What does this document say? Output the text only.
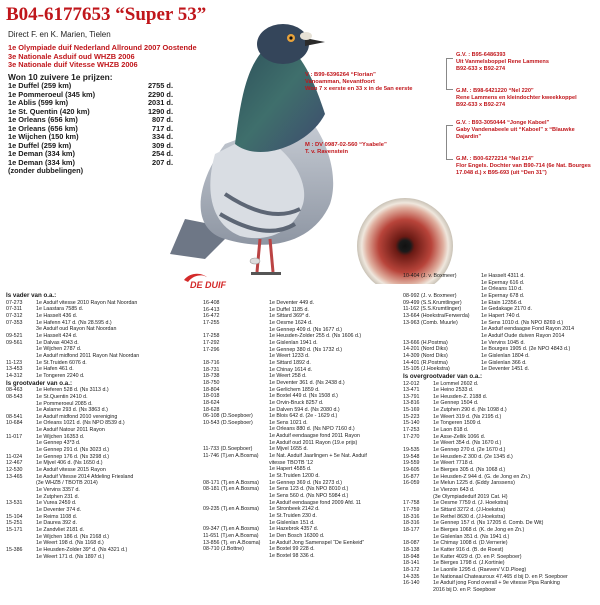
B04-6177653 “Super 53”
Direct F. en K. Marien, Tielen
1e Olympiade duif Nederland Allround 2007 Oostende
3e Nationale Asduif oud WHZB 2006
3e Nationale duif Vitesse WHZB 2006
Won 10 zuivere 1e prijzen:
1e Duffel (259 km)	2755 d.
1e Pommeroeul (345 km)	2290 d.
1e Ablis (599 km)	2031 d.
1e St. Quentin (420 km)	1290 d.
1e Orleans (656 km)	807 d.
1e Orleans (656 km)	717 d.
1e Wijchen (150 km)	334 d.
1e Duffel (259 km)	309 d.
1e Deman (334 km)	254 d.
1e Deman (334 km)	207 d.
(zonder dubbelingen)
DE DUIF
V : B99-6396264 “Florian”
Vanoamman, Nevantfoort
Won 7 x eerste en 33 x in de 5an eerste
M : DV 0987-02-560 “Ysabele”
T. v. Ravenstein
G.V. : B95-6486393
Uit Vanmelsboppel Rene Lammens
B92-633 x B92-274
G.M. : B98-6421220 “Nel 220”
Rene Lammens en kleindochter kweekkoppel
B92-633 x B92-274
G.V. : B93-3050444 “Jonge Kaboel”
Gaby Vandenabeele uit “Kaboel” x “Blauwke
Dajardin”
G.M. : B00-6272214 “Nel 214”
Flor Engels. Dochter van B90-714 (6e Nat. Bourges
17.048 d.) x B95-693 (uit “Den 31”)
Is vader van o.a.:
07-273	1e Asduif vitesse 2010 Rayon Nat Noordan
07-311	1e Laastara 7585 d.
07-312	1e Hasselt 436 d.
07-353	1e Hafenn 417 d. (Ns 28.595 d.)
3e Asduif oud Rayon Nat Noordan
09-521	1e Hasselt 424 d.
09-561	1e Dalvas 4043 d.
1e Wijchen 2787 d.
1e Asduif midfond 2011 Rayon Nat Noordan
11-123	1e St.Truiden 6076 d.
13-453	1e Hafen 461 d.
14-312	1e Tongeren 2240 d.
Is grootvader van o.a.:
08-463	1e Heferen 528 d. (Ns 3113 d.)
08-543	1e St.Quentin 2410 d.
1e Pommeroeul 2085 d.
1e Aslarne 293 d. (Ns 3863 d.)
08-541	1e Asduif midfond 2010 vereniging
10-684	1e Orleans 1021 d. (Ns NPO 8539 d.)
1e Asduif Natour 2011 Rayon
11-017	1e Wijchen 16353 d.
1e Gennep 43*3 d.
1e Gennep 291 d. (Ns 3023 d.)
11-024	1e Gennep 176 d. (Ns 3298 d.)
12-467	1e Mjvel 406 d. (Ns 1650 d.)
12-530	1e Asduif vitesse 2015 Rayon
13-465	1e Asduif Vitesse 2014 Afdeling Friesland
(3e WHZB / TBOTB 2014)
1e Vervins 3357 d.
1e Zutphen 231 d.
13-531	1e Vurea 2459 d.
1e Deventer 374 d.
15-104	1e Reims 1108 d.
15-251	1e Daurea 392 d.
15-171	1e Zandvliet 2181 d.
1e Wijchen 186 d. (Ns 2168 d.)
1e Weert 198 d. (Ns 1168 d.)
15-386	1e Heusden-Zolder 39* d. (Ns 4321 d.)
1e Weert 171 d. (Ns 1897 d.)
16-408	1e Deventer 449 d.
16-413	1e Duffel 1185 d.
16-472	1e Sittard 369* d.
17-255	1e Oesme 1624 d.
1e Gennep 409 d. (Ns 1677 d.)
17-258	1e Heusden-Zolder 255 d. (Ns 1606 d.)
17-292	1e Gislenlan 1941 d.
17-296	1e Gennep 380 d. (Ns 1732 d.)
1e Weert 1233 d.
18-716	1e Sittard 1892 d.
18-731	1e Chinay 1614 d.
18-738	1e Weert 258 d.
18-750	1e Deventer 361 d. (Ns 2438 d.)
18-804	1e Gerlichem 1859 d.
18-018	1e Boxtel 449 d. (Ns 1508 d.)
18-624	1e Orvin-Bruck 8257 d.
18-628	1e Dalven 594 d. (Ns 2080 d.)
06-108 (D.Soepboer)	1e Blois 642 d. (2e - 1629 d.)
10-543 (D.Soepboer)	1e Sens 1021 d.
1e Orleans 880 d. (Ns NPO 7160 d.)
1e Asduif eendaagse fond 2011 Rayon
1e Asduif oud 2011 Rayon (19.e prijs)
11-733 (D.Soepboer)	1e Mjvel 1655 d.
11-746 (Tj.en A.Bosma)	1e Nat. Asduif Jaarlingen + 5e Nat. Asduif
vitesse TBOTB ’12
1e Hapert 4585 d.
1e St.Truiden 1200 d.
08-171 (Tj.en A.Bosma)	1e Gennep 369 d. (Ns 2273 d.)
08-181 (Tj.en A.Bosma)	1e Sens 123 d. (Ns NPO 8010 d.)
1e Sens 560 d. (Ns NPO 5984 d.)
1e Asduif eendaagse fond 2009 Afd. 11
09-235 (Tj.en A.Bosma)	1e Stronbeek 2142 d.
1e St.Truiden 230 d.
1e Gislenlan 151 d.
09-347 (Tj.en A.Bosma)	1e Hazebrok 4357 d.
11-651 (Tj.en A.Bosma)	1e Den Bosch 16300 d.
13-856 (Tj. en A.Bosma)	1e Asduif Jong Samenspel “De Eenkeid”
08-710 (J.Bottne)	1e Boxtel 99 228 d.
1e Boxtel 98 336 d.
10-404 (J. v. Boxmeer)	1e Hasselt 4311 d.
1e Epernay 616 d.
1e Orleans 110 d.
08-992 (J. v. Boxmeer)	1e Epernay 678 d.
09-499 (S.S.Krumtlinger)	1e Etain 12356 d.
11-162 (S.S.Krumtlinger)	1e Gedakage 2170 d.
13-664 (Hoekstra/Ferwerda)	1e Hapert 740 d.
13-963 (Comb. Muurle)	1e Sens 1010 d. (Ns NPO 8269 d.)
1e Asduif eendaagse Fond Rayon 2014
1e Asduif Oude duiven Rayon 2014
13-666 (H.Postma)	1e Vervins 1045 d.
14-201 (Nord Diks)	1e Bourges 1905 d. (2e NPO 4843 d.)
14-309 (Nord Diks)	1e Gislenlan 1804 d.
14-401 (R.Postma)	1e Gislenlan 366 d.
15-105 (J.Hoekstra)	1e Deventer 1451 d.
Is overgrootvader van o.a.:
12-012	1e Lommel 2602 d.
13-471	1e Heino 2533 d.
13-791	1e Heusden-Z. 2188 d.
13-816	1e Gennep 1504 d.
15-169	1e Zutphen 290 d. (Ns 1098 d.)
15-223	1e Weert 319 d. (Ns 2195 d.)
15-140	1e Tongeren 1509 d.
17-253	1e Laon 818 d.
17-270	1e Asse-Zellik 1066 d.
1e Weert 354 d. (Ns 1670 d.)
19-535	1e Gennep 270 d. (2e 1670 d.)
19-548	1e Heusden-Z 300 d. (2e 1345 d.)
19-559	1e Weert 7718 d.
19-605	1e Bierges 305 d. (Ns 1068 d.)
16-877	1e Heusden-Z 944 d. (G. de Jong en Zn.)
16-059	1e Melun 1225 d. (Eddy Janssens)
1e Vierzon 643 d.
(3e Olympiadeduif 2019 Cat. H)
17-758	1e Oesme 7759 d. (J. Hoekstra)
17-759	1e Sittard 3272 d. (J.Hoekstra)
18-316	1e Rethel 8630 d. (J.Hoekstra)
18-316	1e Gennep 157 d. (Ns 17205 d. Comb. De Wit)
18-177	1e Bierges 1068 d. (K. de Jong en Zn.)
1e Gislenlan 351 d. (Ns 1941 d.)
18-087	1e Chimay 1008 d. (D.Vernerie)
18-138	1e Katter 916 d. (B. de Roest)
18-948	1e Katter 4029 d. (D. en P. Soepboer)
18-141	1e Bierges 1798 d. (J.Kortinie)
18-172	1e Laonile 1295 d. (Raeven/ V.D.Ploeg)
14-335	1e Nationaal Chateauroux 47.465 d bij D. en P. Soepboer
16-140	1e Asduif jong Fond overall + 9e vitesse Pipa Ranking
2016 bij D. en P. Soepboer
